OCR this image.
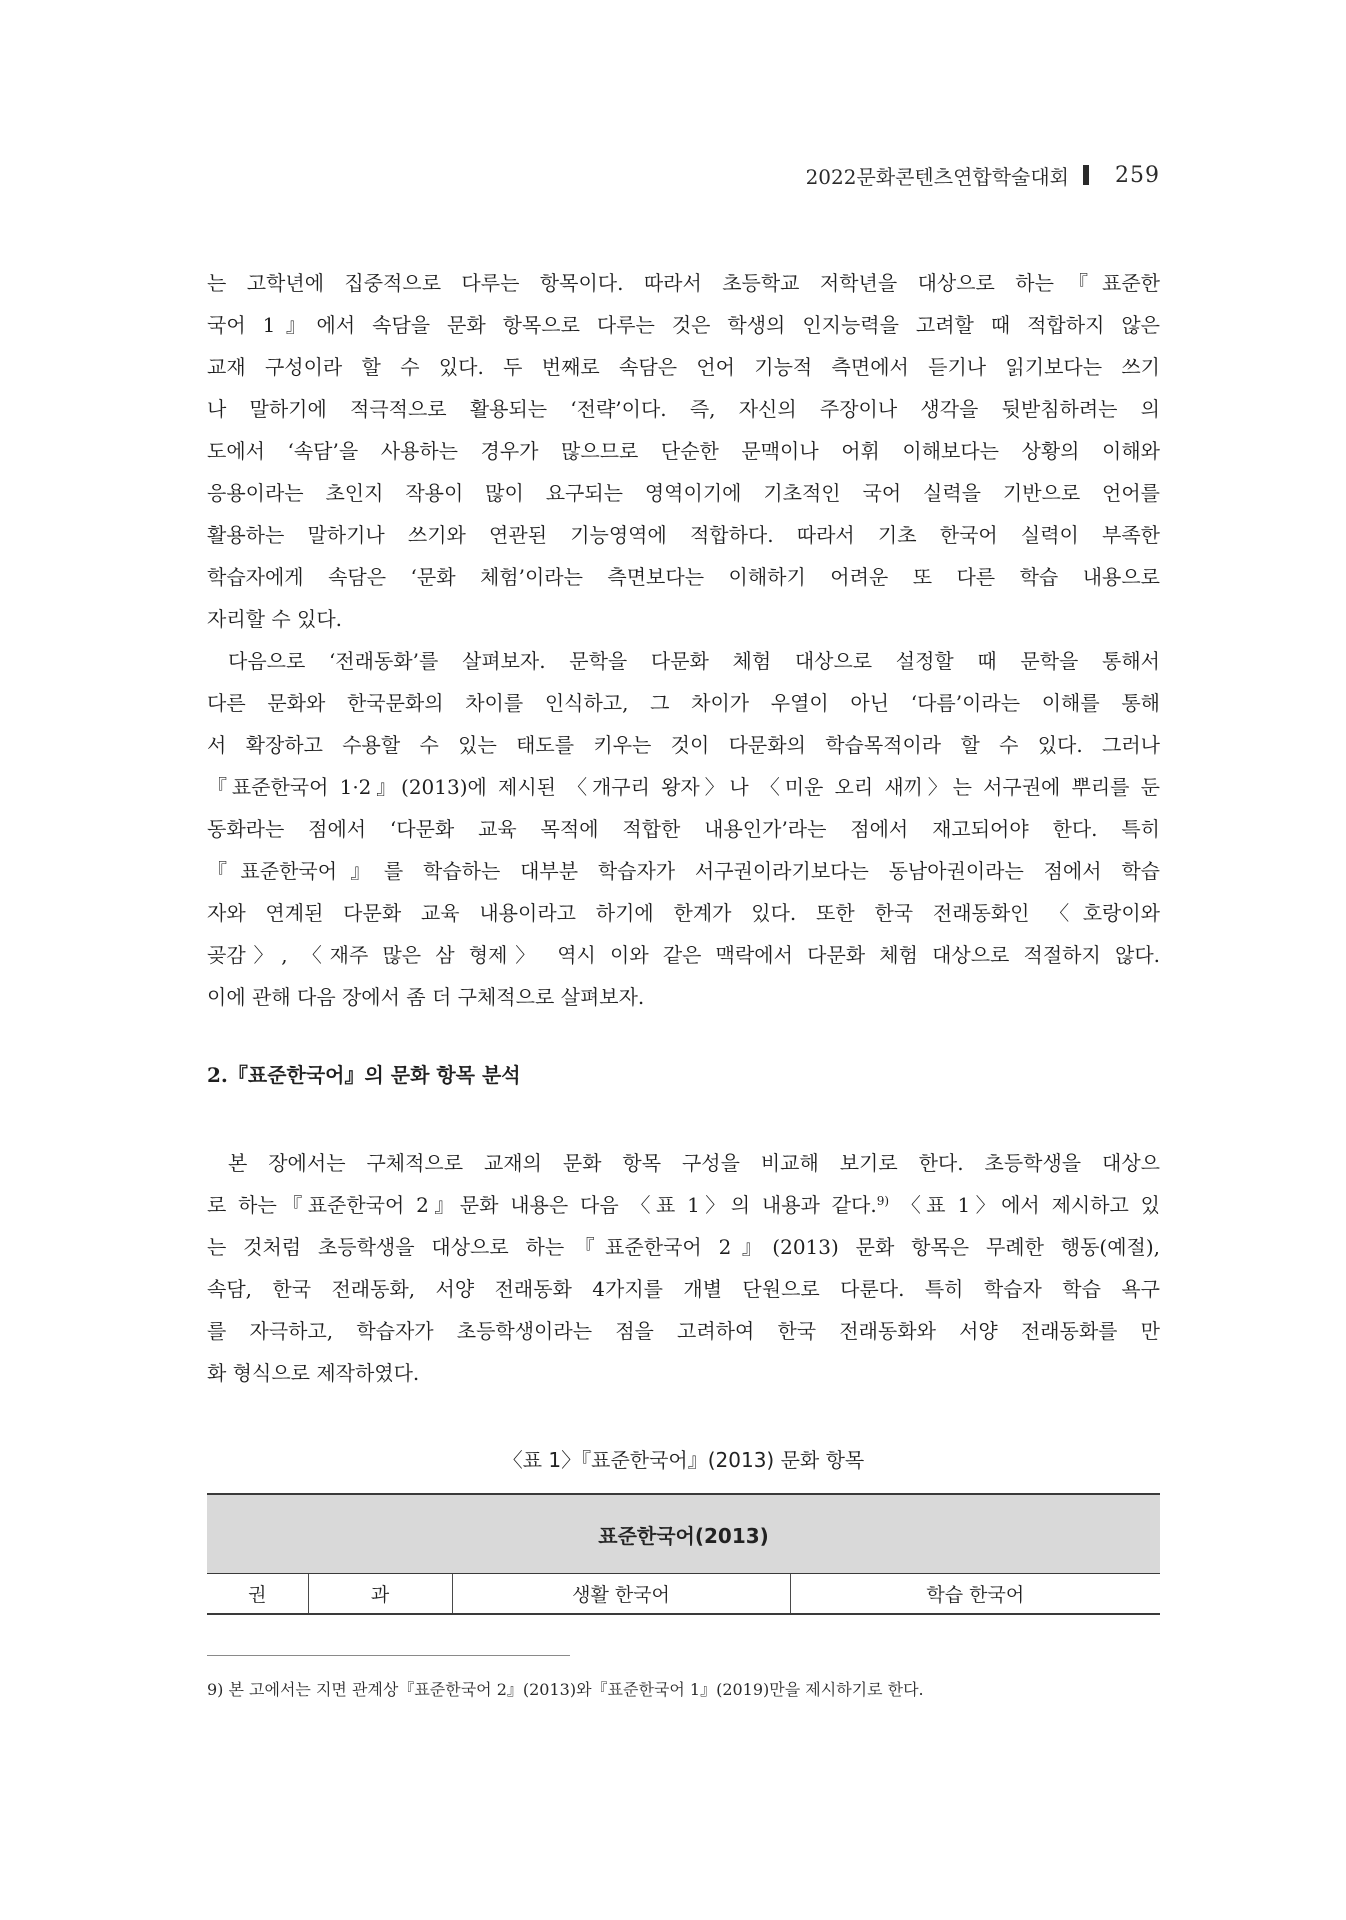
2022문화콘텐츠연합학술대회 259
는 고학년에 집중적으로 다루는 항목이다. 따라서 초등학교 저학년을 대상으로 하는『표준한
국어 1』에서 속담을 문화 항목으로 다루는 것은 학생의 인지능력을 고려할 때 적합하지 않은
교재 구성이라 할 수 있다. 두 번째로 속담은 언어 기능적 측면에서 듣기나 읽기보다는 쓰기
나 말하기에 적극적으로 활용되는 ‘전략’이다. 즉, 자신의 주장이나 생각을 뒷받침하려는 의
도에서 ‘속담’을 사용하는 경우가 많으므로 단순한 문맥이나 어휘 이해보다는 상황의 이해와
응용이라는 초인지 작용이 많이 요구되는 영역이기에 기초적인 국어 실력을 기반으로 언어를
활용하는 말하기나 쓰기와 연관된 기능영역에 적합하다. 따라서 기초 한국어 실력이 부족한
학습자에게 속담은 ‘문화 체험’이라는 측면보다는 이해하기 어려운 또 다른 학습 내용으로
자리할 수 있다.
다음으로 ‘전래동화’를 살펴보자. 문학을 다문화 체험 대상으로 설정할 때 문학을 통해서
다른 문화와 한국문화의 차이를 인식하고, 그 차이가 우열이 아닌 ‘다름’이라는 이해를 통해
서 확장하고 수용할 수 있는 태도를 키우는 것이 다문화의 학습목적이라 할 수 있다. 그러나
『표준한국어 1·2』(2013)에 제시된 〈개구리 왕자〉나 〈미운 오리 새끼〉는 서구권에 뿌리를 둔
동화라는 점에서 ‘다문화 교육 목적에 적합한 내용인가’라는 점에서 재고되어야 한다. 특히
『표준한국어』를 학습하는 대부분 학습자가 서구권이라기보다는 동남아권이라는 점에서 학습
자와 연계된 다문화 교육 내용이라고 하기에 한계가 있다. 또한 한국 전래동화인 〈호랑이와
곶감〉, 〈재주 많은 삼 형제〉 역시 이와 같은 맥락에서 다문화 체험 대상으로 적절하지 않다.
이에 관해 다음 장에서 좀 더 구체적으로 살펴보자.
2.『표준한국어』의 문화 항목 분석
본 장에서는 구체적으로 교재의 문화 항목 구성을 비교해 보기로 한다. 초등학생을 대상으
로 하는『표준한국어 2』문화 내용은 다음 〈표 1〉의 내용과 같다.$^{9)}$ 〈표 1〉에서 제시하고 있
는 것처럼 초등학생을 대상으로 하는『표준한국어 2』(2013) 문화 항목은 무례한 행동(예절),
속담, 한국 전래동화, 서양 전래동화 4가지를 개별 단원으로 다룬다. 특히 학습자 학습 욕구
를 자극하고, 학습자가 초등학생이라는 점을 고려하여 한국 전래동화와 서양 전래동화를 만
화 형식으로 제작하였다.
〈표 1〉『표준한국어』(2013) 문화 항목
표준한국어(2013)
권	과	생활 한국어	학습 한국어
9) 본 고에서는 지면 관계상『표준한국어 2』(2013)와『표준한국어 1』(2019)만을 제시하기로 한다.
